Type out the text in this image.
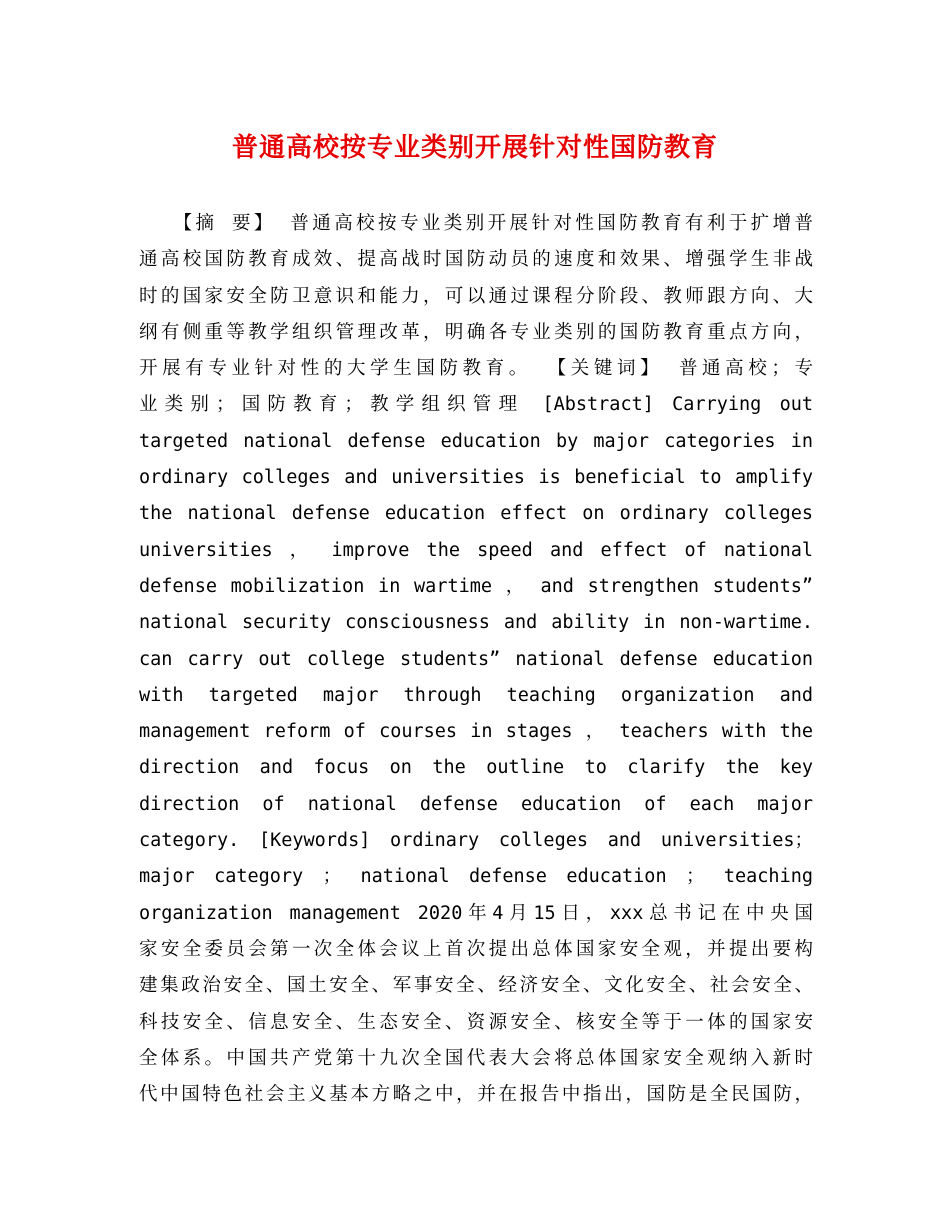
普通高校按专业类别开展针对性国防教育
　　【摘 要】 普通高校按专业类别开展针对性国防教育有利于扩增普
通高校国防教育成效、提高战时国防动员的速度和效果、增强学生非战
时的国家安全防卫意识和能力，可以通过课程分阶段、教师跟方向、大
纲有侧重等教学组织管理改革，明确各专业类别的国防教育重点方向，
开展有专业针对性的大学生国防教育。 【关键词】 普通高校；专
业类别；国防教育；教学组织管理 [Abstract] Carrying out
targeted national defense education by major categories in
ordinary colleges and universities is beneficial to amplify
the national defense education effect on ordinary colleges
universities ， improve the speed and effect of national
defense mobilization in wartime ， and strengthen students”
national security consciousness and ability in non-wartime.
can carry out college students” national defense education
with targeted major through teaching organization and
management reform of courses in stages ， teachers with the
direction and focus on the outline to clarify the key
direction of national defense education of each major
category. [Keywords] ordinary colleges and universities；
major category ； national defense education ； teaching
organization management 2020年4月15日，xxx总书记在中央国
家安全委员会第一次全体会议上首次提出总体国家安全观，并提出要构
建集政治安全、国土安全、军事安全、经济安全、文化安全、社会安全、
科技安全、信息安全、生态安全、资源安全、核安全等于一体的国家安
全体系。中国共产党第十九次全国代表大会将总体国家安全观纳入新时
代中国特色社会主义基本方略之中，并在报告中指出，国防是全民国防，
